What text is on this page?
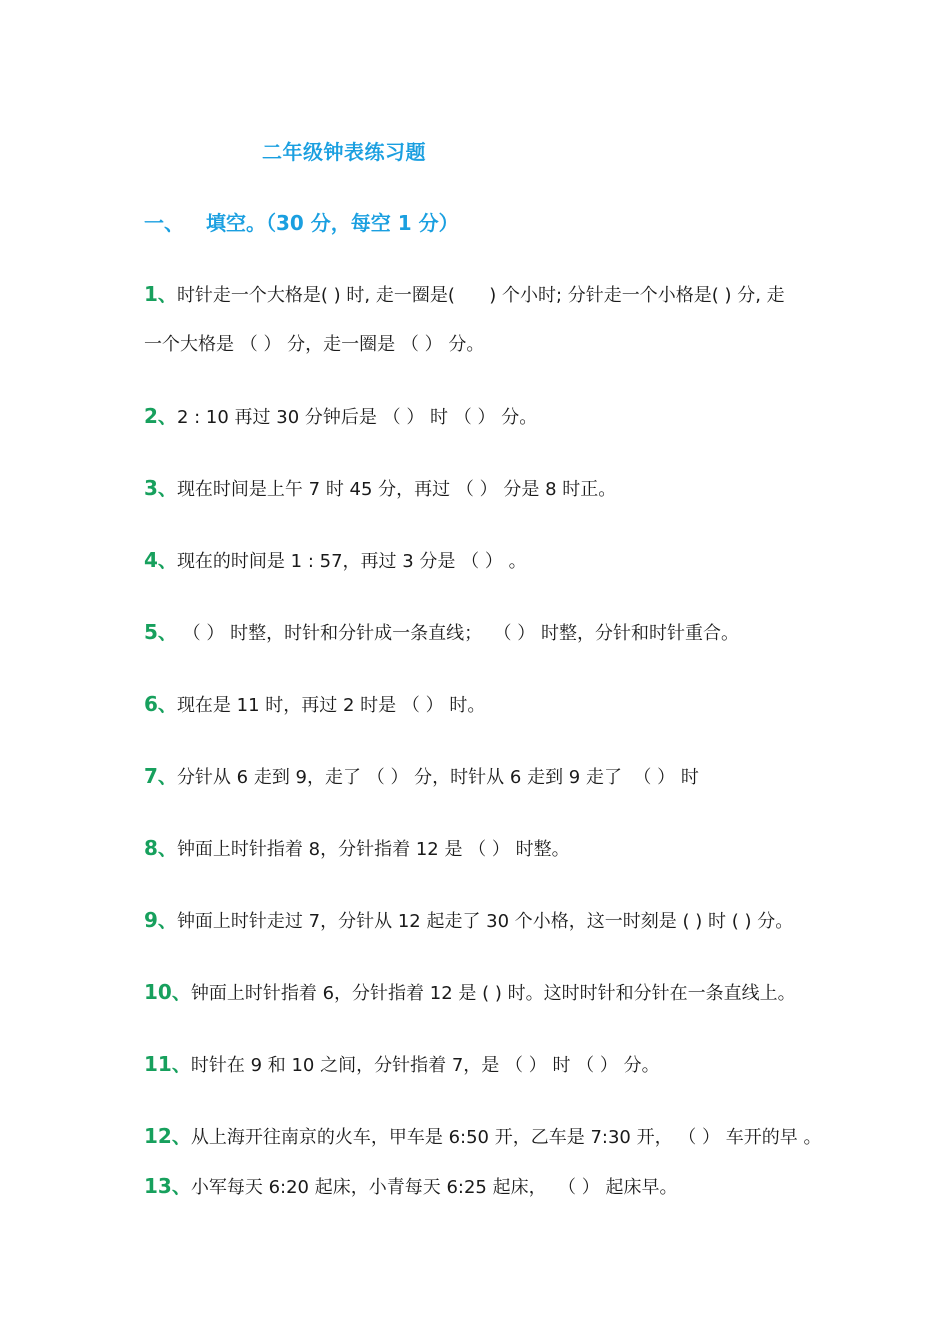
二年级钟表练习题
一、 填空。（30 分，每空 1 分）
1、时针走一个大格是( ) 时, 走一圈是(      ) 个小时; 分针走一个小格是( ) 分, 走
一个大格是 （ ） 分，走一圈是 （ ） 分。
2、2 : 10 再过 30 分钟后是 （ ） 时 （ ） 分。
3、现在时间是上午 7 时 45 分，再过 （ ） 分是 8 时正。
4、现在的时间是 1 : 57，再过 3 分是 （ ） 。
5、 （ ） 时整，时针和分针成一条直线；  （ ） 时整，分针和时针重合。
6、现在是 11 时，再过 2 时是 （ ） 时。
7、分针从 6 走到 9，走了 （ ） 分，时针从 6 走到 9 走了  （ ） 时
8、钟面上时针指着 8，分针指着 12 是 （ ） 时整。
9、钟面上时针走过 7，分针从 12 起走了 30 个小格，这一时刻是 ( ) 时 ( ) 分。
10、钟面上时针指着 6，分针指着 12 是 ( ) 时。这时时针和分针在一条直线上。
11、时针在 9 和 10 之间，分针指着 7，是 （ ） 时 （ ） 分。
12、从上海开往南京的火车，甲车是 6:50 开，乙车是 7:30 开， （ ） 车开的早 。
13、小军每天 6:20 起床，小青每天 6:25 起床，  （ ） 起床早。
